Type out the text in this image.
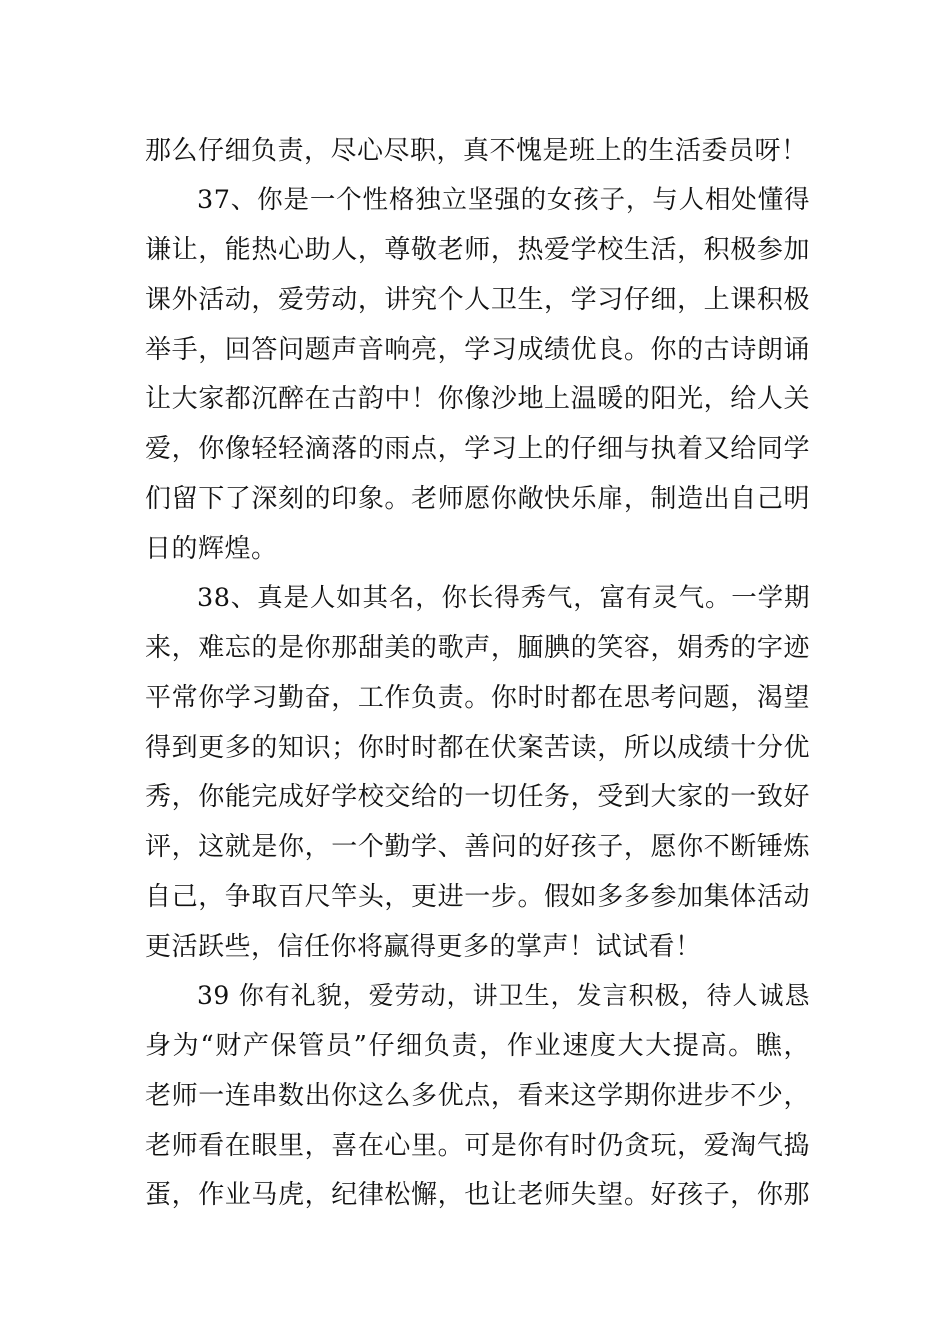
那么仔细负责，尽心尽职，真不愧是班上的生活委员呀！
37、你是一个性格独立坚强的女孩子，与人相处懂得
谦让，能热心助人，尊敬老师，热爱学校生活，积极参加
课外活动，爱劳动，讲究个人卫生，学习仔细，上课积极
举手，回答问题声音响亮，学习成绩优良。你的古诗朗诵
让大家都沉醉在古韵中！你像沙地上温暖的阳光，给人关
爱，你像轻轻滴落的雨点，学习上的仔细与执着又给同学
们留下了深刻的印象。老师愿你敞快乐扉，制造出自己明
日的辉煌。
38、真是人如其名，你长得秀气，富有灵气。一学期
来，难忘的是你那甜美的歌声，腼腆的笑容，娟秀的字迹
平常你学习勤奋，工作负责。你时时都在思考问题，渴望
得到更多的知识；你时时都在伏案苦读，所以成绩十分优
秀，你能完成好学校交给的一切任务，受到大家的一致好
评，这就是你，一个勤学、善问的好孩子，愿你不断锤炼
自己，争取百尺竿头，更进一步。假如多多参加集体活动
更活跃些，信任你将赢得更多的掌声！试试看！
39 你有礼貌，爱劳动，讲卫生，发言积极，待人诚恳
身为“财产保管员”仔细负责，作业速度大大提高。瞧，
老师一连串数出你这么多优点，看来这学期你进步不少，
老师看在眼里，喜在心里。可是你有时仍贪玩，爱淘气捣
蛋，作业马虎，纪律松懈，也让老师失望。好孩子，你那
